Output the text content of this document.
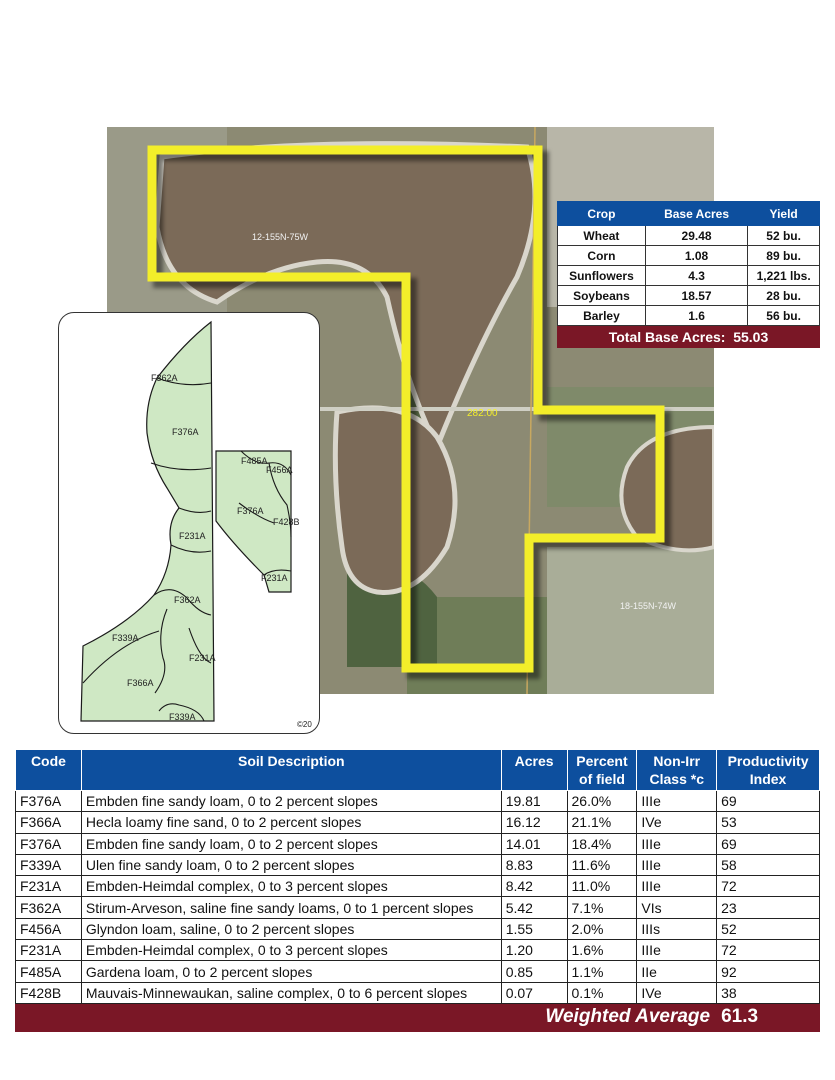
12-155N-75W
18-155N-74W
282.00
Crop	Base Acres	Yield
Wheat	29.48	52 bu.
Corn	1.08	89 bu.
Sunflowers	4.3	1,221 lbs.
Soybeans	18.57	28 bu.
Barley	1.6	56 bu.
Total Base Acres:  55.03		
F362A
F376A
F485A
F456A
F376A
F428B
F231A
F231A
F362A
F339A
F231A
F366A
F339A
©20
Code	Soil Description	Acres	Percent of field	Non-Irr Class *c	Productivity Index
F376A	Embden fine sandy loam, 0 to 2 percent slopes	19.81	26.0%	IIIe	69
F366A	Hecla loamy fine sand, 0 to 2 percent slopes	16.12	21.1%	IVe	53
F376A	Embden fine sandy loam, 0 to 2 percent slopes	14.01	18.4%	IIIe	69
F339A	Ulen fine sandy loam, 0 to 2 percent slopes	8.83	11.6%	IIIe	58
F231A	Embden-Heimdal complex, 0 to 3 percent slopes	8.42	11.0%	IIIe	72
F362A	Stirum-Arveson, saline fine sandy loams, 0 to 1 percent slopes	5.42	7.1%	VIs	23
F456A	Glyndon loam, saline, 0 to 2 percent slopes	1.55	2.0%	IIIs	52
F231A	Embden-Heimdal complex, 0 to 3 percent slopes	1.20	1.6%	IIIe	72
F485A	Gardena loam, 0 to 2 percent slopes	0.85	1.1%	IIe	92
F428B	Mauvais-Minnewaukan, saline complex, 0 to 6 percent slopes	0.07	0.1%	IVe	38
Weighted Average					61.3
